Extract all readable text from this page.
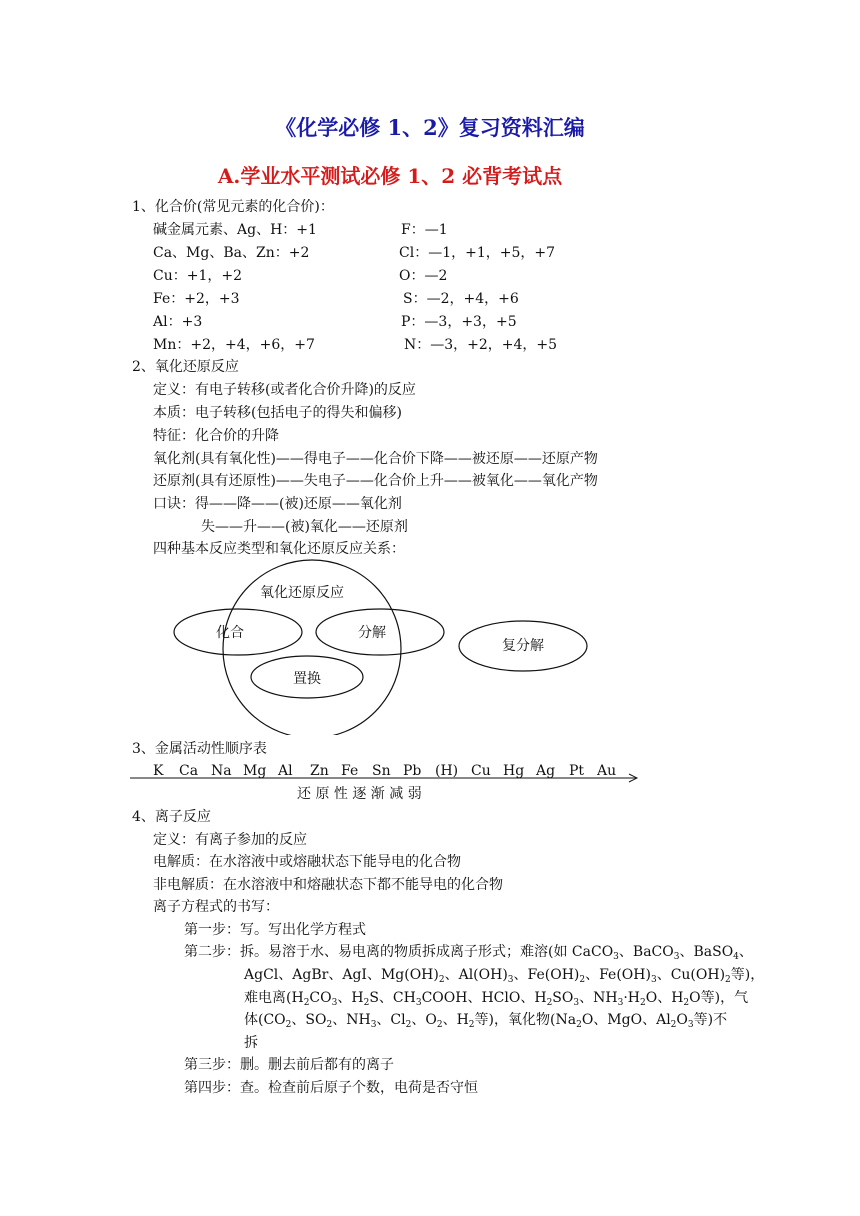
《化学必修 1、2》复习资料汇编
A.学业水平测试必修 1、2 必背考试点
1、化合价(常见元素的化合价)：
碱金属元素、Ag、H：+1	F：—1
Ca、Mg、Ba、Zn：+2	Cl：—1，+1，+5，+7
Cu：+1，+2	O：—2
Fe：+2，+3	S：—2，+4，+6
Al：+3	P：—3，+3，+5
Mn：+2，+4，+6，+7	N：—3，+2，+4，+5
2、氧化还原反应
定义：有电子转移(或者化合价升降)的反应
本质：电子转移(包括电子的得失和偏移)
特征：化合价的升降
氧化剂(具有氧化性)——得电子——化合价下降——被还原——还原产物
还原剂(具有还原性)——失电子——化合价上升——被氧化——氧化产物
口诀：得——降——(被)还原——氧化剂
失——升——(被)氧化——还原剂
四种基本反应类型和氧化还原反应关系：
氧化还原反应
化合	分解
置换
复分解
3、金属活动性顺序表
K Ca Na Mg Al Zn Fe Sn Pb (H) Cu Hg Ag Pt Au
还 原 性 逐 渐 减 弱
4、离子反应
定义：有离子参加的反应
电解质：在水溶液中或熔融状态下能导电的化合物
非电解质：在水溶液中和熔融状态下都不能导电的化合物
离子方程式的书写：
第一步：写。写出化学方程式
第二步： 拆。易溶于水、易电离的物质拆成离子形式；难溶(如 CaCO$_3$、BaCO$_3$、BaSO$_4$、
AgCl、AgBr、AgI、$Mg(OH)_2$、$Al(OH)_3$、$Fe(OH)_2$、$Fe(OH)_3$、$Cu(OH)_2$等)，
难电离($H_2CO_3$、$H_2S$、$CH_3COOH$、HClO、$H_2SO_3$、$NH_3\cdot H_2O$、$H_2O$等)，气
体($CO_2$、$SO_2$、$NH_3$、$Cl_2$、$O_2$、$H_2$等)，氧化物($Na_2O$、MgO、$Al_2O_3$等)不
拆
第三步：删。删去前后都有的离子
第四步：查。检查前后原子个数，电荷是否守恒
